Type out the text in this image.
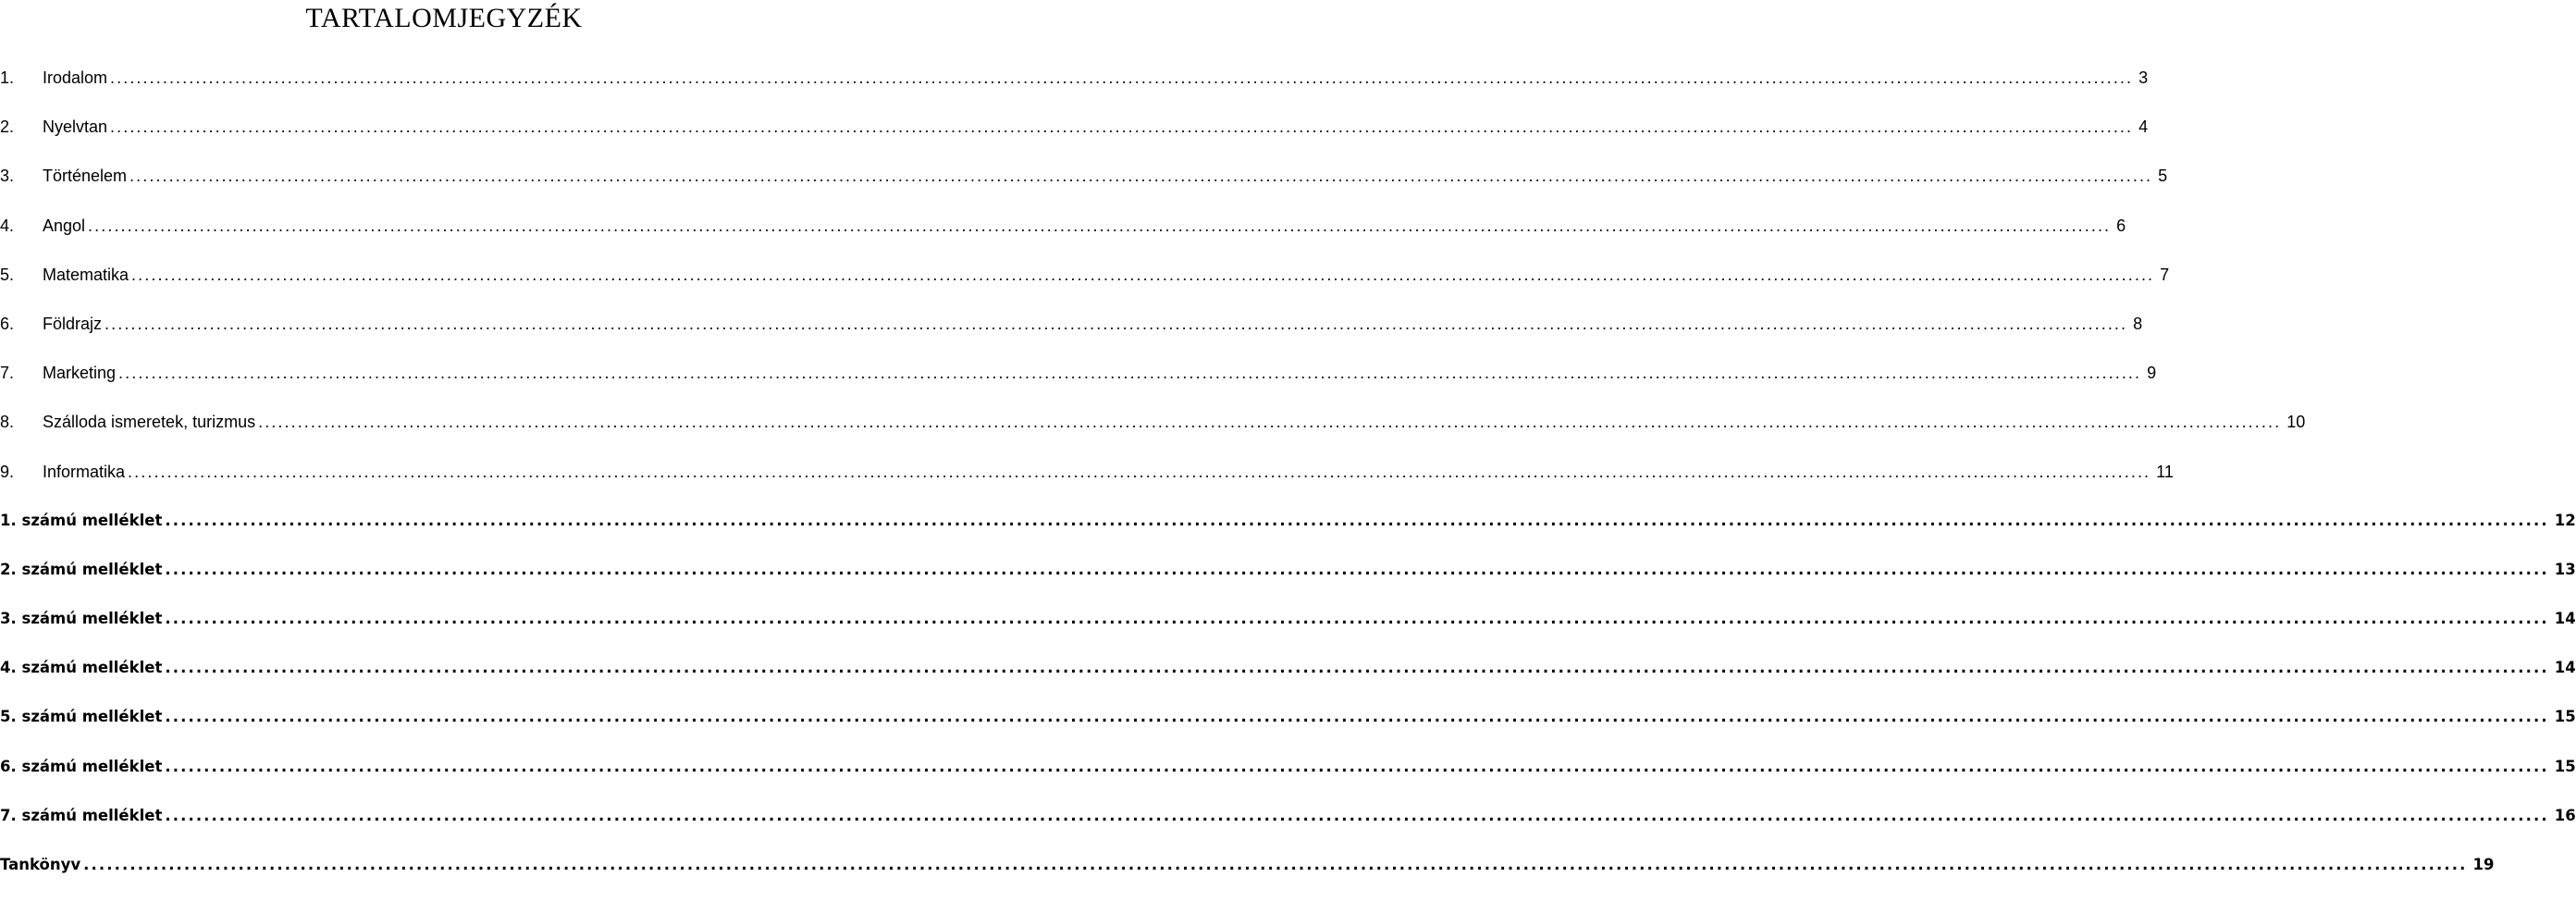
TARTALOMJEGYZÉK
1.	Irodalom .....	3
2.	Nyelvtan .....	4
3.	Történelem .....	5
4.	Angol .....	6
5.	Matematika .....	7
6.	Földrajz .....	8
7.	Marketing .....	9
8.	Szálloda ismeretek, turizmus .....	10
9.	Informatika .....	11
1. számú melléklet .....	12
2. számú melléklet .....	13
3. számú melléklet .....	14
4. számú melléklet .....	14
5. számú melléklet .....	15
6. számú melléklet .....	15
7. számú melléklet .....	16
Tankönyv .....	19
